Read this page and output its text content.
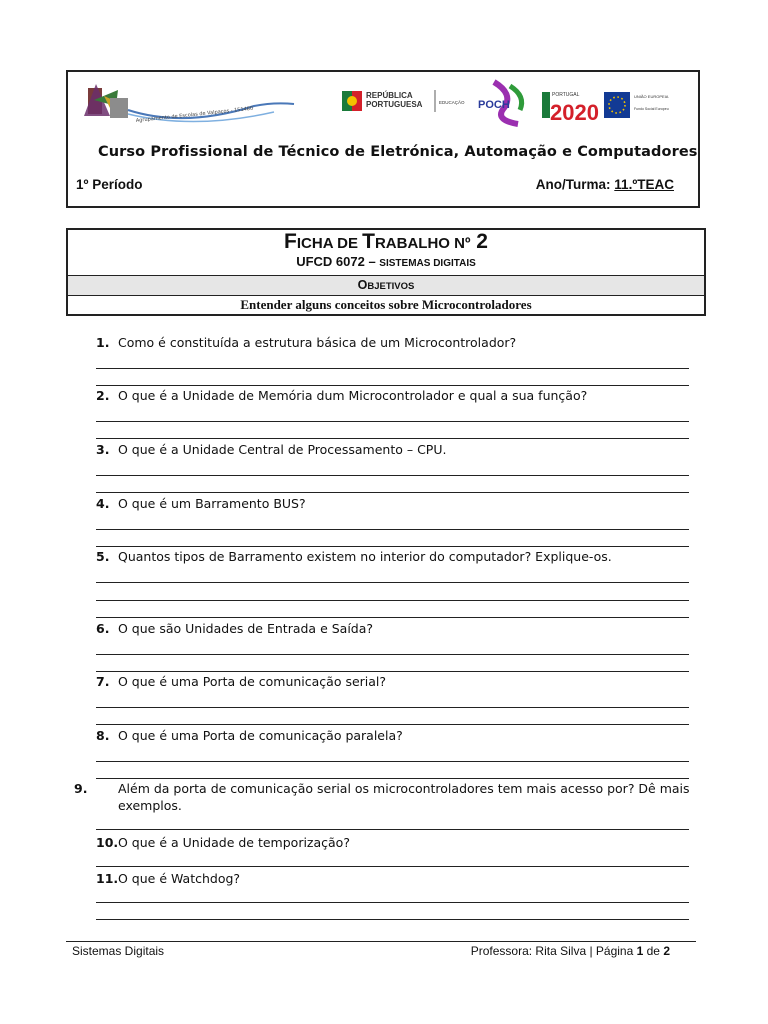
Agrupamento de Escolas de Valpaços - 151480
REPÚBLICA
PORTUGUESA	EDUCAÇÃO POCH
PORTUGAL
2020
UNIÃO EUROPEIA
Fundo Social Europeu
Curso Profissional de Técnico de Eletrónica, Automação e Computadores
1º Período	Ano/Turma: 11.ºTEAC
FICHA DE TRABALHO Nº 2
UFCD 6072 – SISTEMAS DIGITAIS
OBJETIVOS
Entender alguns conceitos sobre Microcontroladores
1. Como é constituída a estrutura básica de um Microcontrolador?
2. O que é a Unidade de Memória dum Microcontrolador e qual a sua função?
3. O que é a Unidade Central de Processamento – CPU.
4. O que é um Barramento BUS?
5. Quantos tipos de Barramento existem no interior do computador? Explique-os.
6. O que são Unidades de Entrada e Saída?
7. O que é uma Porta de comunicação serial?
8. O que é uma Porta de comunicação paralela?
9. Além da porta de comunicação serial os microcontroladores tem mais acesso por? Dê mais exemplos.
10.O que é a Unidade de temporização?
11.O que é Watchdog?
Sistemas Digitais	Professora: Rita Silva | Página 1 de 2
